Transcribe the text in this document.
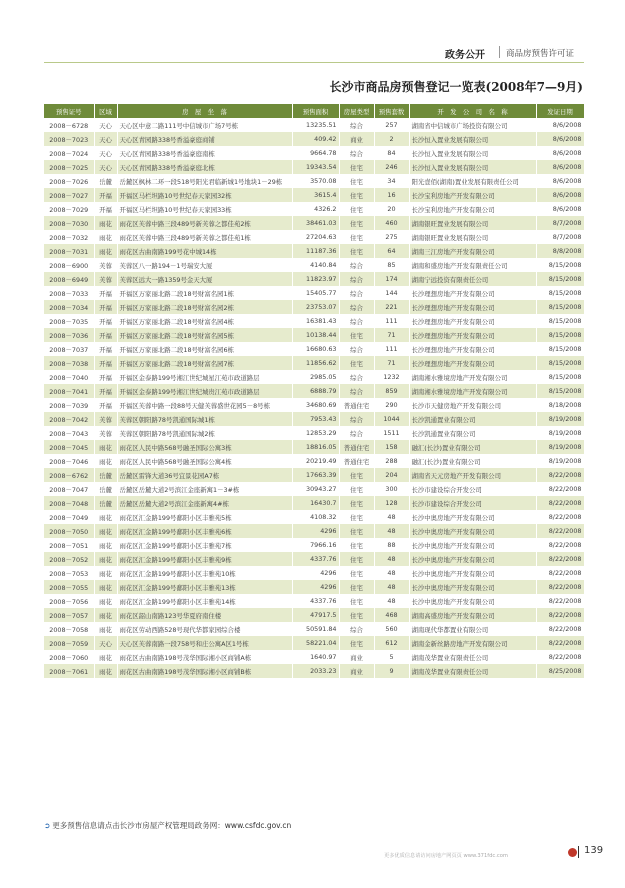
政务公开 商品房预售许可证
长沙市商品房预售登记一览表(2008年7—9月)
预售证号	区域	房　屋　坐　落	预售面积	房屋类型	预售套数	开　发　公　司　名　称	发证日期
2008－6728	天心	天心区中意二路111号中信城市广场7号栋	13235.51	综合	257	湖南省中信城市广场投资有限公司	8/6/2008
2008－7023	天心	天心区青园路338号香溢豪庭商铺	409.42	商业	2	长沙恒入置业发展有限公司	8/6/2008
2008－7024	天心	天心区青园路338号香溢豪庭南栋	9664.78	综合	84	长沙恒入置业发展有限公司	8/6/2008
2008－7025	天心	天心区青园路338号香溢豪庭北栋	19343.54	住宅	246	长沙恒入置业发展有限公司	8/6/2008
2008－7026	岳麓	岳麓区枫林二环一段518号阳光君临新城1号地块1－29栋	3570.08	住宅	34	阳光壹佰(湖南)置业发展有限责任公司	8/6/2008
2008－7027	开福	开福区马栏坦路10号世纪春天家园32栋	3615.4	住宅	16	长沙宝利房地产开发有限公司	8/6/2008
2008－7029	开福	开福区马栏坦路10号世纪春天家园33栋	4326.2	住宅	20	长沙宝利房地产开发有限公司	8/6/2008
2008－7030	雨花	雨花区芙蓉中路三段489号新芙蓉之都佳苑2栋	38461.03	住宅	460	湖南银旺置业发展有限公司	8/7/2008
2008－7032	雨花	雨花区芙蓉中路三段489号新芙蓉之都佳苑1栋	27204.63	住宅	275	湖南银旺置业发展有限公司	8/7/2008
2008－7031	雨花	雨花区古曲南路199号花中城14栋	11187.36	住宅	64	湖南三江房地产开发有限公司	8/8/2008
2008－6900	芙蓉	芙蓉区八一路194－1号瑞安大厦	4140.84	综合	85	湖南和盛房地产开发有限责任公司	8/15/2008
2008－6949	芙蓉	芙蓉区远大一路1359号金天大厦	11823.97	综合	174	湖南宁远投资有限责任公司	8/15/2008
2008－7033	开福	开福区万家丽北路二段18号财富名园1栋	15405.77	综合	144	长沙理想房地产开发有限公司	8/15/2008
2008－7034	开福	开福区万家丽北路二段18号财富名园2栋	23753.07	综合	221	长沙理想房地产开发有限公司	8/15/2008
2008－7035	开福	开福区万家丽北路二段18号财富名园4栋	16381.43	综合	111	长沙理想房地产开发有限公司	8/15/2008
2008－7036	开福	开福区万家丽北路二段18号财富名园5栋	10138.44	住宅	71	长沙理想房地产开发有限公司	8/15/2008
2008－7037	开福	开福区万家丽北路二段18号财富名园6栋	16680.63	综合	111	长沙理想房地产开发有限公司	8/15/2008
2008－7038	开福	开福区万家丽北路二段18号财富名园7栋	11856.62	住宅	71	长沙理想房地产开发有限公司	8/15/2008
2008－7040	开福	开福区金泰路199号湘江世纪城星江苑市政道路层	2985.05	综合	1232	湖南湘水雅境房地产开发有限公司	8/15/2008
2008－7041	开福	开福区金泰路199号湘江世纪城贵江苑市政道路层	6888.79	综合	859	湖南湘水雅境房地产开发有限公司	8/15/2008
2008－7039	开福	开福区芙蓉中路一段88号天健芙蓉盛世花园5－8号栋	34680.69	普通住宅	290	长沙市天健房地产开发有限公司	8/18/2008
2008－7042	芙蓉	芙蓉区朝阳路78号凯通国际城1栋	7953.43	综合	1044	长沙凯通置业有限公司	8/19/2008
2008－7043	芙蓉	芙蓉区朝阳路78号凯通国际城2栋	12853.29	综合	1511	长沙凯通置业有限公司	8/19/2008
2008－7045	雨花	雨花区人民中路568号融圣国际公寓3栋	18816.05	普通住宅	158	融汇(长沙)置业有限公司	8/19/2008
2008－7046	雨花	雨花区人民中路568号融圣国际公寓4栋	20219.49	普通住宅	288	融汇(长沙)置业有限公司	8/19/2008
2008－6762	岳麓	岳麓区雷锋大道36号宜景花园A7栋	17663.39	住宅	204	湖南省天元房地产开发有限公司	8/22/2008
2008－7047	岳麓	岳麓区岳麓大道2号滨江金座新寓1－3#栋	30943.27	住宅	300	长沙市建设综合开发公司	8/22/2008
2008－7048	岳麓	岳麓区岳麓大道2号滨江金座新寓4#栋	16430.7	住宅	128	长沙市建设综合开发公司	8/22/2008
2008－7049	雨花	雨花区汇金路199号鄱阳小区丰雅苑5栋	4108.32	住宅	48	长沙中奥房地产开发有限公司	8/22/2008
2008－7050	雨花	雨花区汇金路199号鄱阳小区丰雅苑6栋	4296	住宅	48	长沙中奥房地产开发有限公司	8/22/2008
2008－7051	雨花	雨花区汇金路199号鄱阳小区丰雅苑7栋	7966.16	住宅	88	长沙中奥房地产开发有限公司	8/22/2008
2008－7052	雨花	雨花区汇金路199号鄱阳小区丰雅苑9栋	4337.76	住宅	48	长沙中奥房地产开发有限公司	8/22/2008
2008－7053	雨花	雨花区汇金路199号鄱阳小区丰雅苑10栋	4296	住宅	48	长沙中奥房地产开发有限公司	8/22/2008
2008－7055	雨花	雨花区汇金路199号鄱阳小区丰雅苑13栋	4296	住宅	48	长沙中奥房地产开发有限公司	8/22/2008
2008－7056	雨花	雨花区汇金路199号鄱阳小区丰雅苑14栋	4337.76	住宅	48	长沙中奥房地产开发有限公司	8/22/2008
2008－7057	雨花	雨花区韶山南路123号华夏府南住楼	47917.5	住宅	468	湖南高盛房地产开发有限公司	8/22/2008
2008－7058	雨花	雨花区劳动西路528号现代华都家园综合楼	50591.84	综合	560	湖南现代华都置业有限公司	8/22/2008
2008－7059	天心	天心区芙蓉南路一段758号和庄公寓A区1号栋	58221.04	住宅	612	湖南金新丝路房地产开发有限公司	8/22/2008
2008－7060	雨花	雨花区古曲南路198号茂华国际湘小区商铺A栋	1640.97	商业	5	湖南茂华置业有限责任公司	8/22/2008
2008－7061	雨花	雨花区古曲南路198号茂华国际湘小区商铺B栋	2033.23	商业	9	湖南茂华置业有限责任公司	8/25/2008
➲ 更多预售信息请点击长沙市房屋产权管理局政务网：www.csfdc.gov.cn
更多优质信息请访问房地产网页页 www.371fdc.com	139
